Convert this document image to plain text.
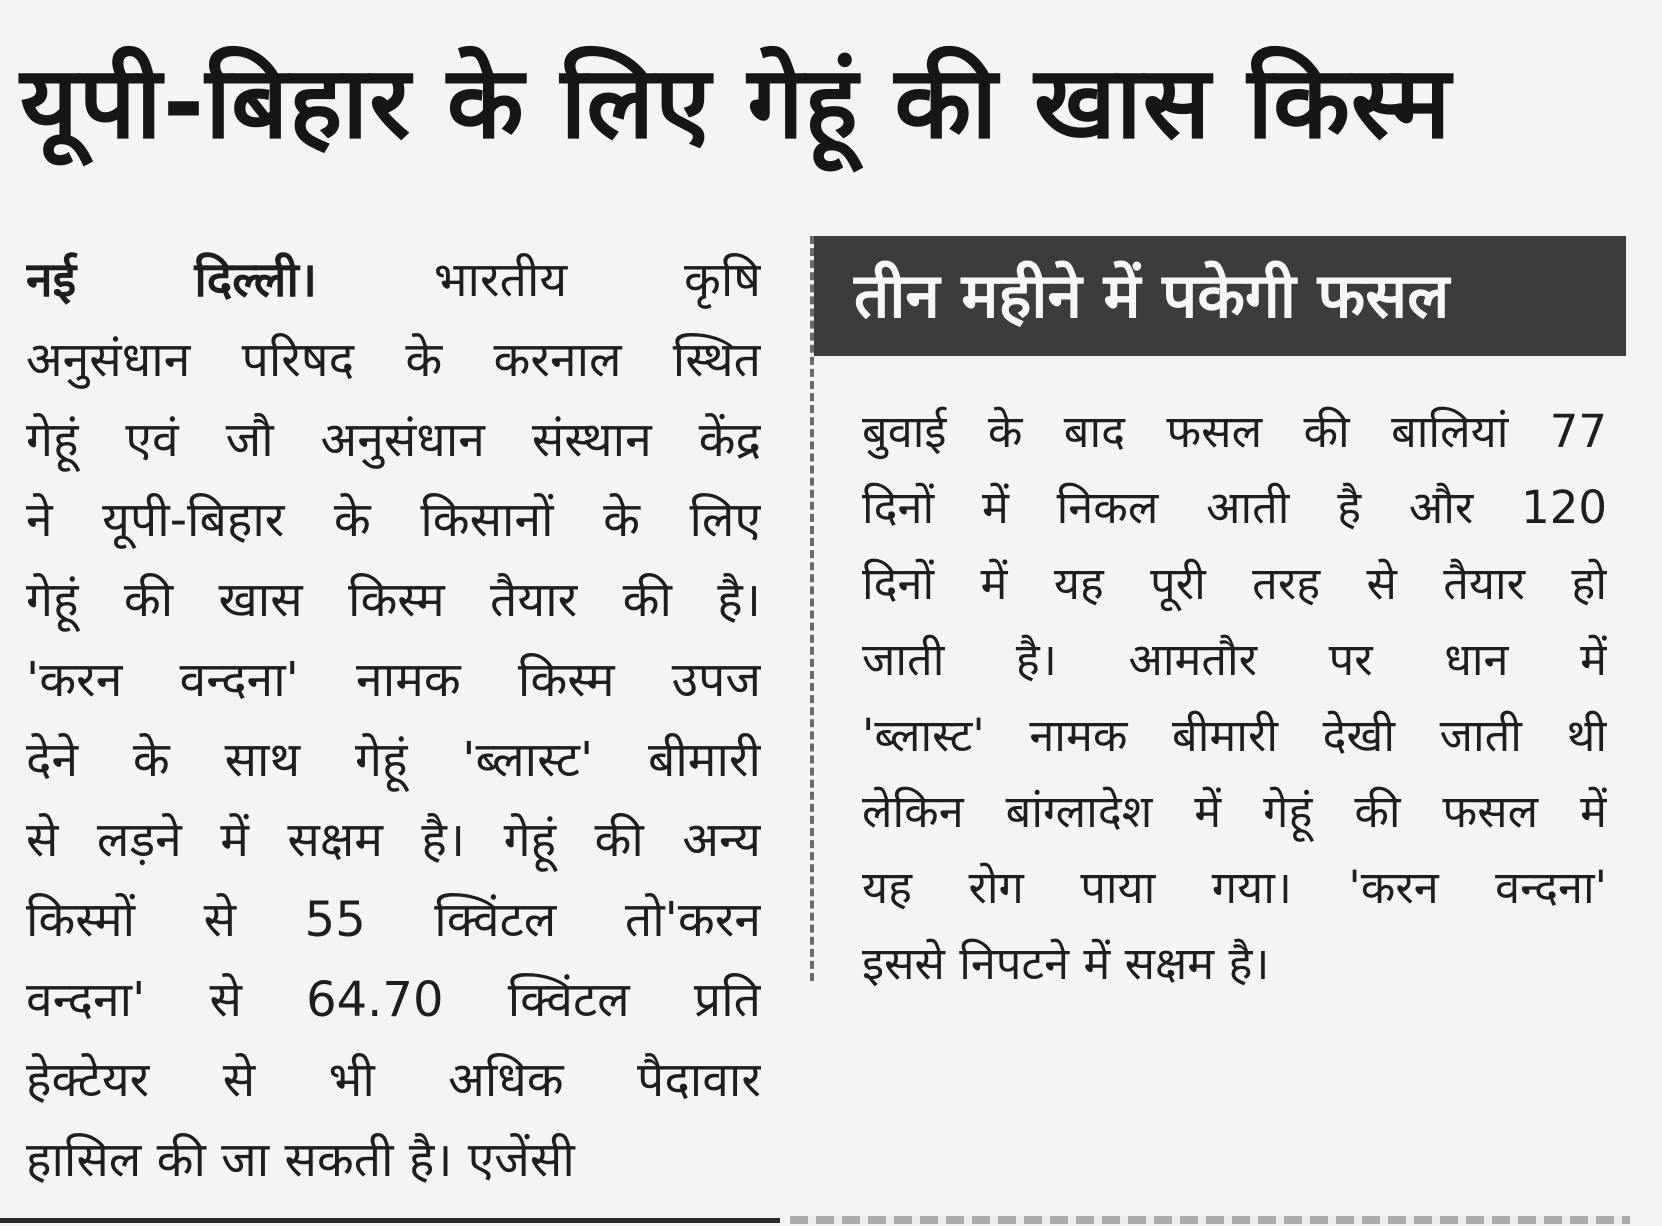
यूपी-बिहार के लिए गेहूं की खास किस्म
नई दिल्ली। भारतीय कृषि
अनुसंधान परिषद के करनाल स्थित
गेहूं एवं जौ अनुसंधान संस्थान केंद्र
ने यूपी-बिहार के किसानों के लिए
गेहूं की खास किस्म तैयार की है।
'करन वन्दना' नामक किस्म उपज
देने के साथ गेहूं 'ब्लास्ट' बीमारी
से लड़ने में सक्षम है। गेहूं की अन्य
किस्मों से 55 क्विंटल तो'करन
वन्दना' से 64.70 क्विंटल प्रति
हेक्टेयर से भी अधिक पैदावार
हासिल की जा सकती है। एजेंसी
तीन महीने में पकेगी फसल
बुवाई के बाद फसल की बालियां 77
दिनों में निकल आती है और 120
दिनों में यह पूरी तरह से तैयार हो
जाती है। आमतौर पर धान में
'ब्लास्ट' नामक बीमारी देखी जाती थी
लेकिन बांग्लादेश में गेहूं की फसल में
यह रोग पाया गया। 'करन वन्दना'
इससे निपटने में सक्षम है।
